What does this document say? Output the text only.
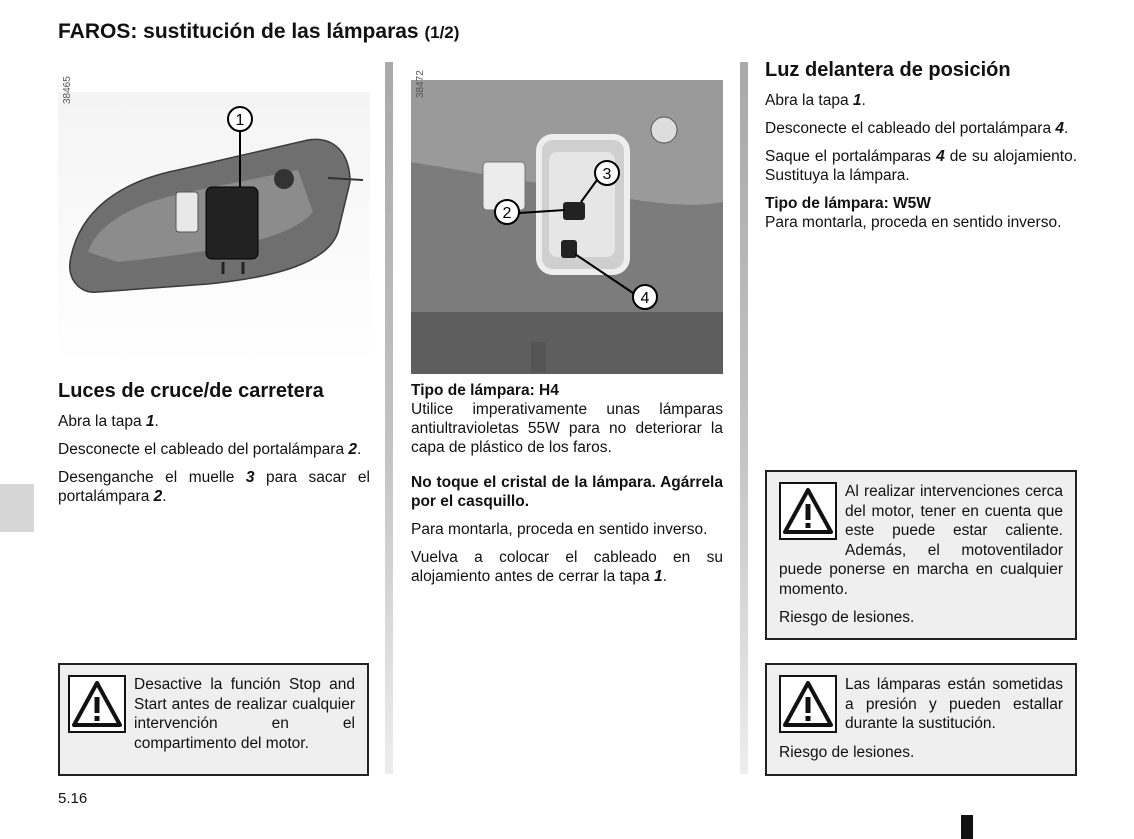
FAROS: sustitución de las lámparas (1/2)
38465
1
38472
3
2
4
Luces de cruce/de carretera

Abra la tapa 1.

Desconecte el cableado del portalámpara 2.

Desenganche el muelle 3 para sacar el portalámpara 2.

Desactive la función Stop and Start antes de realizar cualquier intervención en el compartimento del motor.

Tipo de lámpara: H4

Utilice imperativamente unas lámparas antiultravioletas 55W para no deteriorar la capa de plástico de los faros.

No toque el cristal de la lámpara. Agárrela por el casquillo.

Para montarla, proceda en sentido inverso.

Vuelva a colocar el cableado en su alojamiento antes de cerrar la tapa 1.

Luz delantera de posición

Abra la tapa 1.

Desconecte el cableado del portalámpara 4.

Saque el portalámparas 4 de su alojamiento. Sustituya la lámpara.

Tipo de lámpara: W5W

Para montarla, proceda en sentido inverso.

Al realizar intervenciones cerca del motor, tener en cuenta que este puede estar caliente. Además, el motoventilador puede ponerse en marcha en cualquier momento.

Riesgo de lesiones.

Las lámparas están sometidas a presión y pueden estallar durante la sustitución.

Riesgo de lesiones.

5.16
